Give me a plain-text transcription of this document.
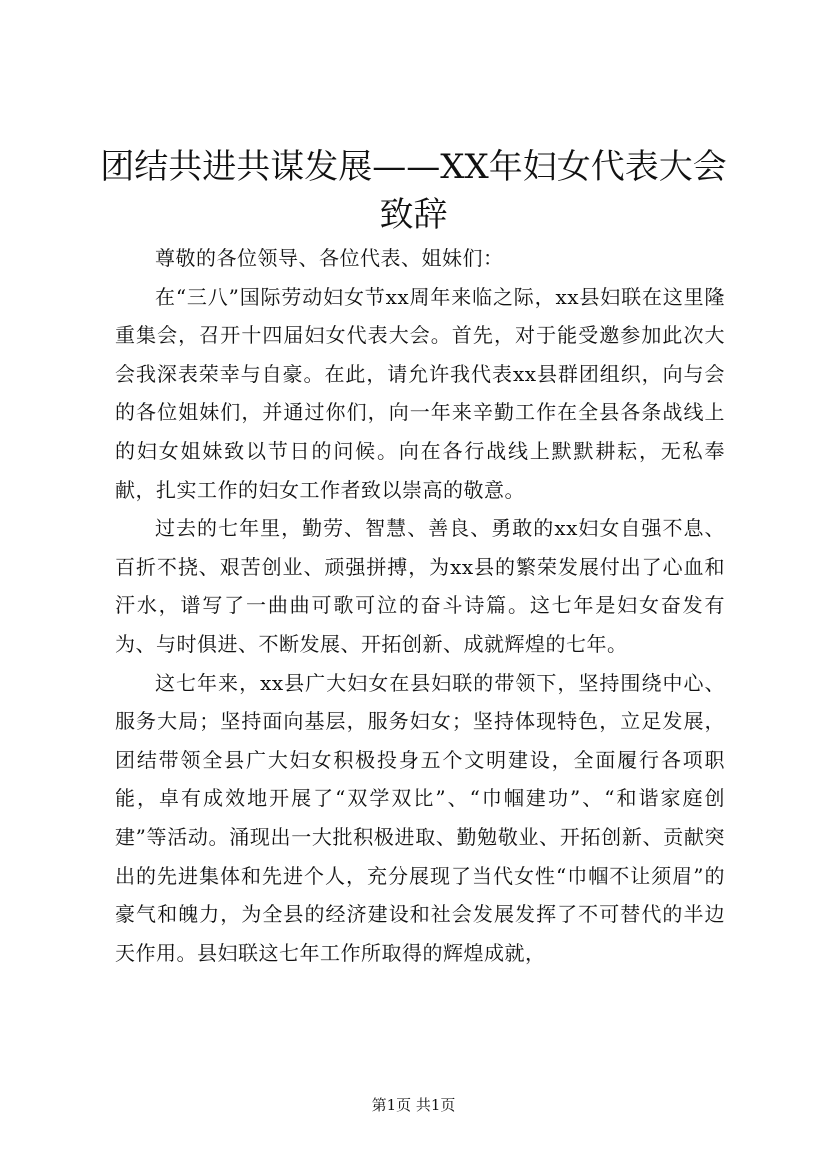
团结共进共谋发展——XX年妇女代表大会致辞

尊敬的各位领导、各位代表、姐妹们：

在“三八”国际劳动妇女节xx周年来临之际，xx县妇联在这里隆重集会，召开十四届妇女代表大会。首先，对于能受邀参加此次大会我深表荣幸与自豪。在此，请允许我代表xx县群团组织，向与会的各位姐妹们，并通过你们，向一年来辛勤工作在全县各条战线上的妇女姐妹致以节日的问候。向在各行战线上默默耕耘，无私奉献，扎实工作的妇女工作者致以崇高的敬意。

过去的七年里，勤劳、智慧、善良、勇敢的xx妇女自强不息、百折不挠、艰苦创业、顽强拼搏，为xx县的繁荣发展付出了心血和汗水，谱写了一曲曲可歌可泣的奋斗诗篇。这七年是妇女奋发有为、与时俱进、不断发展、开拓创新、成就辉煌的七年。

这七年来，xx县广大妇女在县妇联的带领下，坚持围绕中心、服务大局；坚持面向基层，服务妇女；坚持体现特色，立足发展，团结带领全县广大妇女积极投身五个文明建设，全面履行各项职能，卓有成效地开展了“双学双比”、“巾帼建功”、“和谐家庭创建”等活动。涌现出一大批积极进取、勤勉敬业、开拓创新、贡献突出的先进集体和先进个人，充分展现了当代女性“巾帼不让须眉”的豪气和魄力，为全县的经济建设和社会发展发挥了不可替代的半边天作用。县妇联这七年工作所取得的辉煌成就，

第1页 共1页
